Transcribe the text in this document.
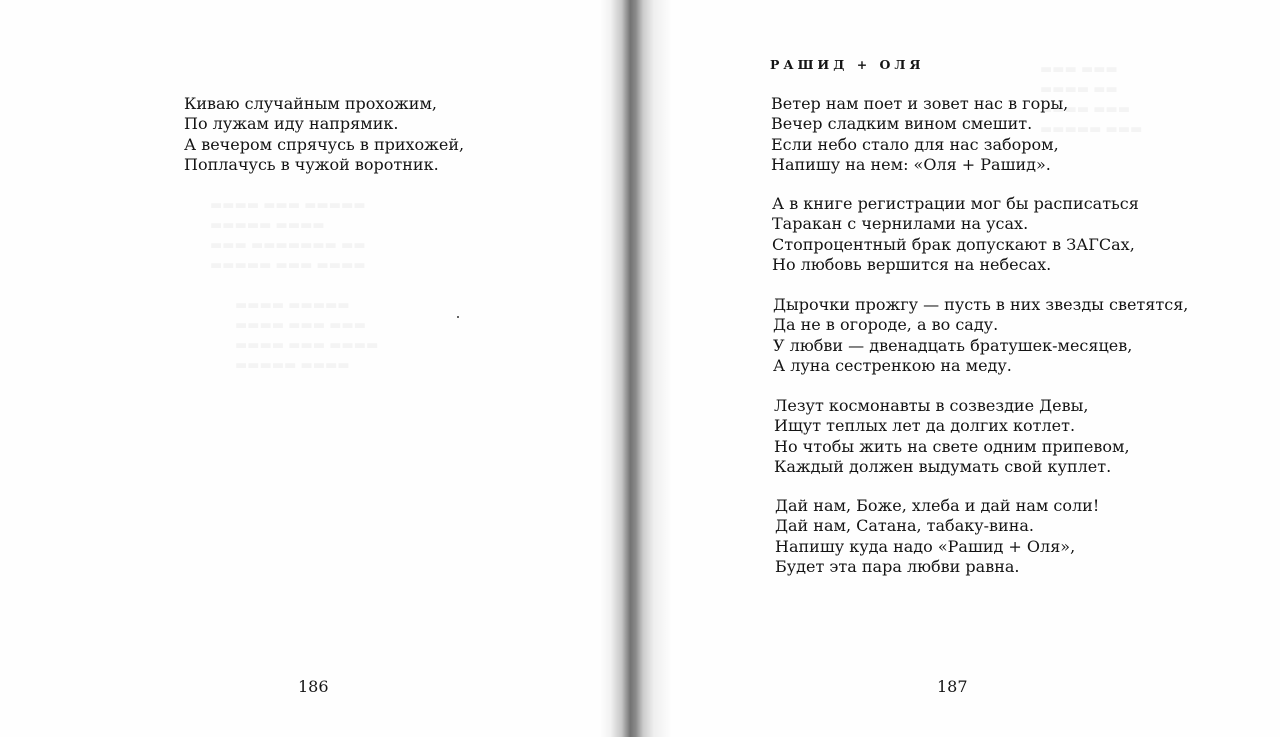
Киваю случайным прохожим,
По лужам иду напрямик.
А вечером спрячусь в прихожей,
Поплачусь в чужой воротник.
186
РАШИД + ОЛЯ
Ветер нам поет и зовет нас в горы,
Вечер сладким вином смешит.
Если небо стало для нас забором,
Напишу на нем: «Оля + Рашид».
А в книге регистрации мог бы расписаться
Таракан с чернилами на усах.
Стопроцентный брак допускают в ЗАГСах,
Но любовь вершится на небесах.
Дырочки прожгу — пусть в них звезды светятся,
Да не в огороде, а во саду.
У любви — двенадцать братушек-месяцев,
А луна сестренкою на меду.
Лезут космонавты в созвездие Девы,
Ищут теплых лет да долгих котлет.
Но чтобы жить на свете одним припевом,
Каждый должен выдумать свой куплет.
Дай нам, Боже, хлеба и дай нам соли!
Дай нам, Сатана, табаку-вина.
Напишу куда надо «Рашид + Оля»,
Будет эта пара любви равна.
187
